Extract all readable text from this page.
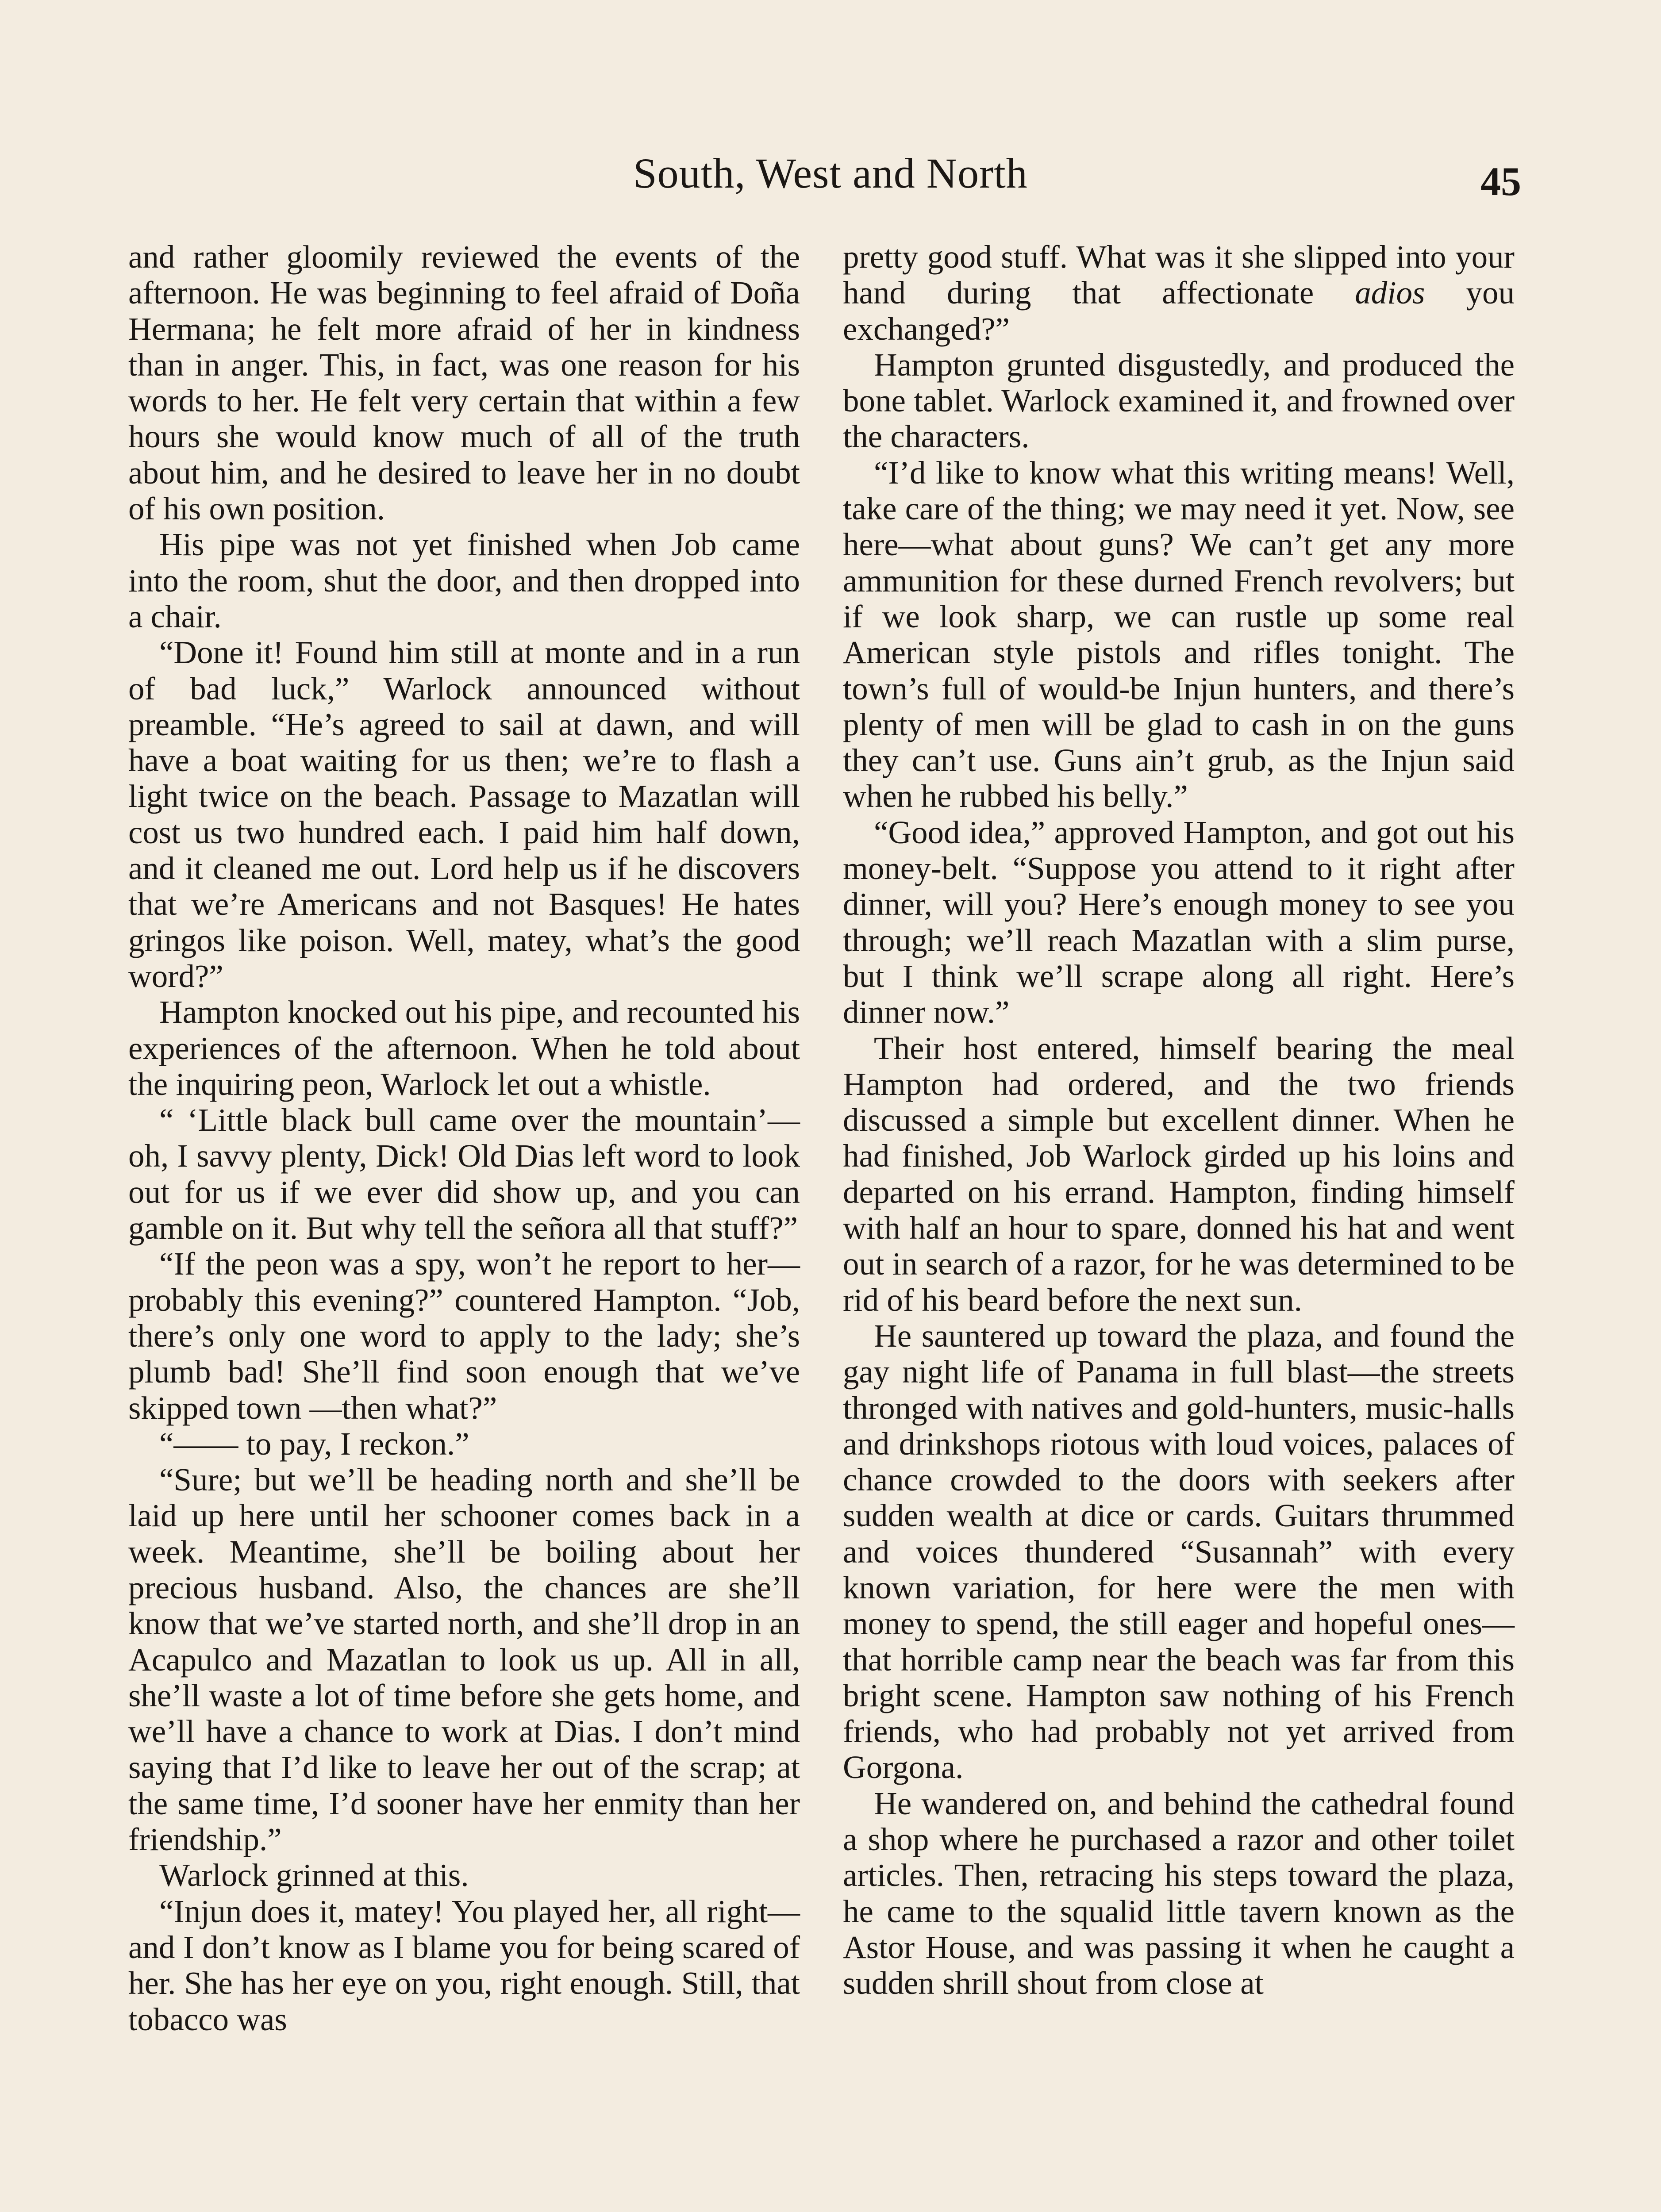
South, West and North	45

and rather gloomily reviewed the events of the afternoon. He was beginning to feel afraid of Doña Hermana; he felt more afraid of her in kindness than in anger. This, in fact, was one reason for his words to her. He felt very certain that within a few hours she would know much of all of the truth about him, and he desired to leave her in no doubt of his own position.

His pipe was not yet finished when Job came into the room, shut the door, and then dropped into a chair.

“Done it! Found him still at monte and in a run of bad luck,” Warlock announced without preamble. “He’s agreed to sail at dawn, and will have a boat waiting for us then; we’re to flash a light twice on the beach. Passage to Mazatlan will cost us two hundred each. I paid him half down, and it cleaned me out. Lord help us if he discovers that we’re Americans and not Basques! He hates gringos like poison. Well, matey, what’s the good word?”

Hampton knocked out his pipe, and recounted his experiences of the afternoon. When he told about the inquiring peon, Warlock let out a whistle.

“ ‘Little black bull came over the mountain’—oh, I savvy plenty, Dick! Old Dias left word to look out for us if we ever did show up, and you can gamble on it. But why tell the señora all that stuff?”

“If the peon was a spy, won’t he report to her—probably this evening?” countered Hampton. “Job, there’s only one word to apply to the lady; she’s plumb bad! She’ll find soon enough that we’ve skipped town —then what?”

“—— to pay, I reckon.”

“Sure; but we’ll be heading north and she’ll be laid up here until her schooner comes back in a week. Meantime, she’ll be boiling about her precious husband. Also, the chances are she’ll know that we’ve started north, and she’ll drop in an Acapulco and Mazatlan to look us up. All in all, she’ll waste a lot of time before she gets home, and we’ll have a chance to work at Dias. I don’t mind saying that I’d like to leave her out of the scrap; at the same time, I’d sooner have her enmity than her friendship.”

Warlock grinned at this.

“Injun does it, matey! You played her, all right—and I don’t know as I blame you for being scared of her. She has her eye on you, right enough. Still, that tobacco was

pretty good stuff. What was it she slipped into your hand during that affectionate adios you exchanged?”

Hampton grunted disgustedly, and produced the bone tablet. Warlock examined it, and frowned over the characters.

“I’d like to know what this writing means! Well, take care of the thing; we may need it yet. Now, see here—what about guns? We can’t get any more ammunition for these durned French revolvers; but if we look sharp, we can rustle up some real American style pistols and rifles tonight. The town’s full of would-be Injun hunters, and there’s plenty of men will be glad to cash in on the guns they can’t use. Guns ain’t grub, as the Injun said when he rubbed his belly.”

“Good idea,” approved Hampton, and got out his money-belt. “Suppose you attend to it right after dinner, will you? Here’s enough money to see you through; we’ll reach Mazatlan with a slim purse, but I think we’ll scrape along all right. Here’s dinner now.”

Their host entered, himself bearing the meal Hampton had ordered, and the two friends discussed a simple but excellent dinner. When he had finished, Job Warlock girded up his loins and departed on his errand. Hampton, finding himself with half an hour to spare, donned his hat and went out in search of a razor, for he was determined to be rid of his beard before the next sun.

He sauntered up toward the plaza, and found the gay night life of Panama in full blast—the streets thronged with natives and gold-hunters, music-halls and drinkshops riotous with loud voices, palaces of chance crowded to the doors with seekers after sudden wealth at dice or cards. Guitars thrummed and voices thundered “Susannah” with every known variation, for here were the men with money to spend, the still eager and hopeful ones— that horrible camp near the beach was far from this bright scene. Hampton saw nothing of his French friends, who had probably not yet arrived from Gorgona.

He wandered on, and behind the cathedral found a shop where he purchased a razor and other toilet articles. Then, retracing his steps toward the plaza, he came to the squalid little tavern known as the Astor House, and was passing it when he caught a sudden shrill shout from close at
